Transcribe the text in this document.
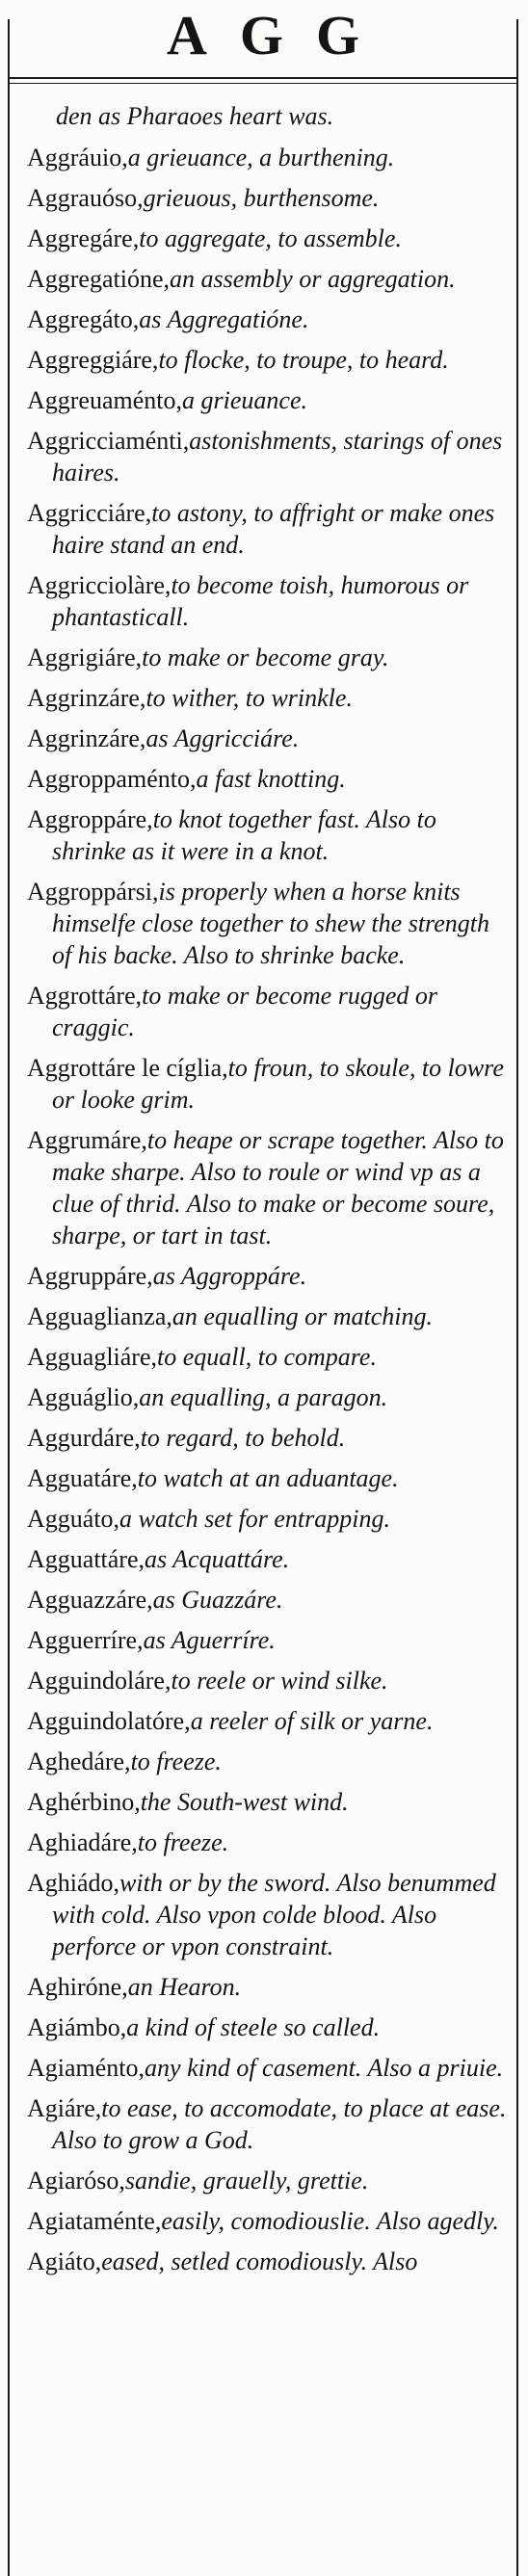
AGG
den as Pharaoes heart was.
Aggráuio,a grieuance, a burthening.
Aggrauóso,grieuous, burthensome.
Aggregáre,to aggregate, to assemble.
Aggregatióne,an assembly or aggregation.
Aggregáto,as Aggregatióne.
Aggreggiáre,to flocke, to troupe, to heard.
Aggreuaménto,a grieuance.
Aggricciaménti,astonishments, starings of ones haires.
Aggricciáre,to astony, to affright or make ones haire stand an end.
Aggricciolàre,to become toish, humorous or phantasticall.
Aggrigiáre,to make or become gray.
Aggrinzáre,to wither, to wrinkle.
Aggrinzáre,as Aggricciáre.
Aggroppaménto,a fast knotting.
Aggroppáre,to knot together fast. Also to shrinke as it were in a knot.
Aggroppársi,is properly when a horse knits himselfe close together to shew the strength of his backe. Also to shrinke backe.
Aggrottáre,to make or become rugged or craggic.
Aggrottáre le cíglia,to froun, to skoule, to lowre or looke grim.
Aggrumáre,to heape or scrape together. Also to make sharpe. Also to roule or wind vp as a clue of thrid. Also to make or become soure, sharpe, or tart in tast.
Aggruppáre,as Aggroppáre.
Agguaglianza,an equalling or matching.
Agguagliáre,to equall, to compare.
Agguáglio,an equalling, a paragon.
Aggurdáre,to regard, to behold.
Agguatáre,to watch at an aduantage.
Agguáto,a watch set for entrapping.
Agguattáre,as Acquattáre.
Agguazzáre,as Guazzáre.
Agguerríre,as Aguerríre.
Agguindoláre,to reele or wind silke.
Agguindolatóre,a reeler of silk or yarne.
Aghedáre,to freeze.
Aghérbino,the South-west wind.
Aghiadáre,to freeze.
Aghiádo,with or by the sword. Also benummed with cold. Also vpon colde blood. Also perforce or vpon constraint.
Aghiróne,an Hearon.
Agiámbo,a kind of steele so called.
Agiaménto,any kind of casement. Also a priuie.
Agiáre,to ease, to accomodate, to place at ease. Also to grow a God.
Agiaróso,sandie, grauelly, grettie.
Agiataménte,easily, comodiouslie. Also agedly.
Agiáto,eased, setled comodiously. Also
